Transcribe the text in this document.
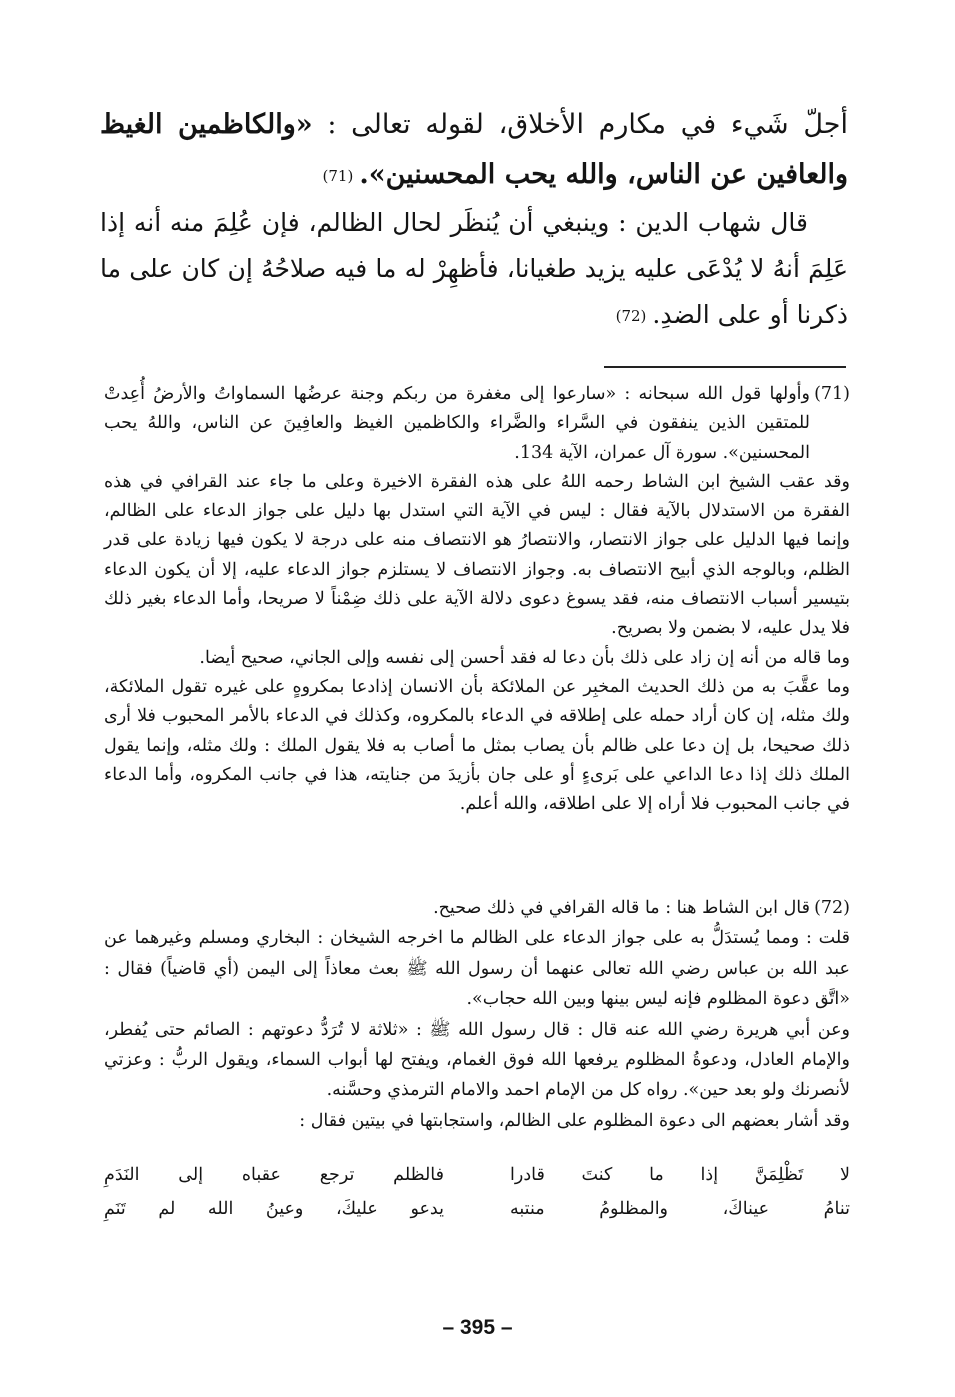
أجلّ شَيء في مكارم الأخلاق، لقوله تعالى : «والكاظمين الغيظ والعافين عن الناس، والله يحب المحسنين».(71)

قال شهاب الدين : وينبغي أن يُنظَر لحال الظالم، فإن عُلِمَ منه أنه إذا عَلِمَ أنهُ لا يُدْعَى عليه يزيد طغيانا، فأظهِرْ له ما فيه صلاحُهُ إن كان على ما ذكرنا أو على الضدِ.(72)

(71)

وأولها قول الله سبحانه : «سارعوا إلى مغفرة من ربكم وجنة عرضُها السماواتُ والأرضُ أُعِدتْ للمتقين الذين ينفقون في السَّراء والضَّراء والكاظمين الغيظ والعافِينَ عن الناس، واللهُ يحب المحسنين». سورة آل عمران، الآية 134.

وقد عقب الشيخ ابن الشاط رحمه اللهُ على هذه الفقرة الاخيرة وعلى ما جاء عند القرافي في هذه الفقرة من الاستدلال بالآية فقال : ليس في الآية التي استدل بها دليل على جواز الدعاء على الظالم، وإنما فيها الدليل على جواز الانتصار، والانتصارُ هو الانتصاف منه على درجة لا يكون فيها زيادة على قدر الظلم، وبالوجه الذي أبيح الانتصاف به. وجواز الانتصاف لا يستلزم جواز الدعاء عليه، إلا أن يكون الدعاء بتيسير أسباب الانتصاف منه، فقد يسوغ دعوى دلالة الآية على ذلك ضِمْناً لا صريحا، وأما الدعاء بغير ذلك فلا يدل عليه، لا بضمن ولا بصريح.

وما قاله من أنه إن زاد على ذلك بأن دعا له فقد أحسن إلى نفسه وإلى الجاني، صحيح أيضا.

وما عقَّبَ به من ذلك الحديث المخبِر عن الملائكة بأن الانسان إذادعا بمكروهٍ على غيره تقول الملائكة، ولك مثله، إن كان أراد حمله على إطلاقه في الدعاء بالمكروه، وكذلك في الدعاء بالأمر المحبوب فلا أرى ذلك صحيحا، بل إن دعا على ظالم بأن يصاب بمثل ما أصاب به فلا يقول الملك : ولك مثله، وإنما يقول الملك ذلك إذا دعا الداعي على بَرىءٍ أو على جان بأزيدَ من جنايته، هذا في جانب المكروه، وأما الدعاء في جانب المحبوب فلا أراه إلا على اطلاقه، والله أعلم.

(72)

قال ابن الشاط هنا : ما قاله القرافي في ذلك صحيح.

قلت : ومما يُستدَلُّ به على جواز الدعاء على الظالم ما اخرجه الشيخان : البخاري ومسلم وغيرهما عن عبد الله بن عباس رضي الله تعالى عنهما أن رسول الله ﷺ بعث معاذاً إلى اليمن (أي قاضياً) فقال : «اتَّق دعوة المظلوم فإنه ليس بينها وبين الله حجاب».

وعن أبي هريرة رضي الله عنه قال : قال رسول الله ﷺ : «ثلاثة لا تُرَدُّ دعوتهم : الصائم حتى يُفطر، والإمام العادل، ودعوةُ المظلوم يرفعها الله فوق الغمام، ويفتح لها أبواب السماء، ويقول الربُّ : وعزتي لأنصرنك ولو بعد حين». رواه كل من الإمام احمد والامام الترمذي وحسَّنه.

وقد أشار بعضهم الى دعوة المظلوم على الظالم، واستجابتها في بيتين فقال :

لا تَظْلِمَنَّ إذا ما كنتَ قادرا
فالظلم ترجع عقباه إلى النَدَمِ
تنامُ عيناكَ، والمظلومُ منتبه
يدعو عليكَ، وعينُ الله لم تَنَمِ
– 395 –
